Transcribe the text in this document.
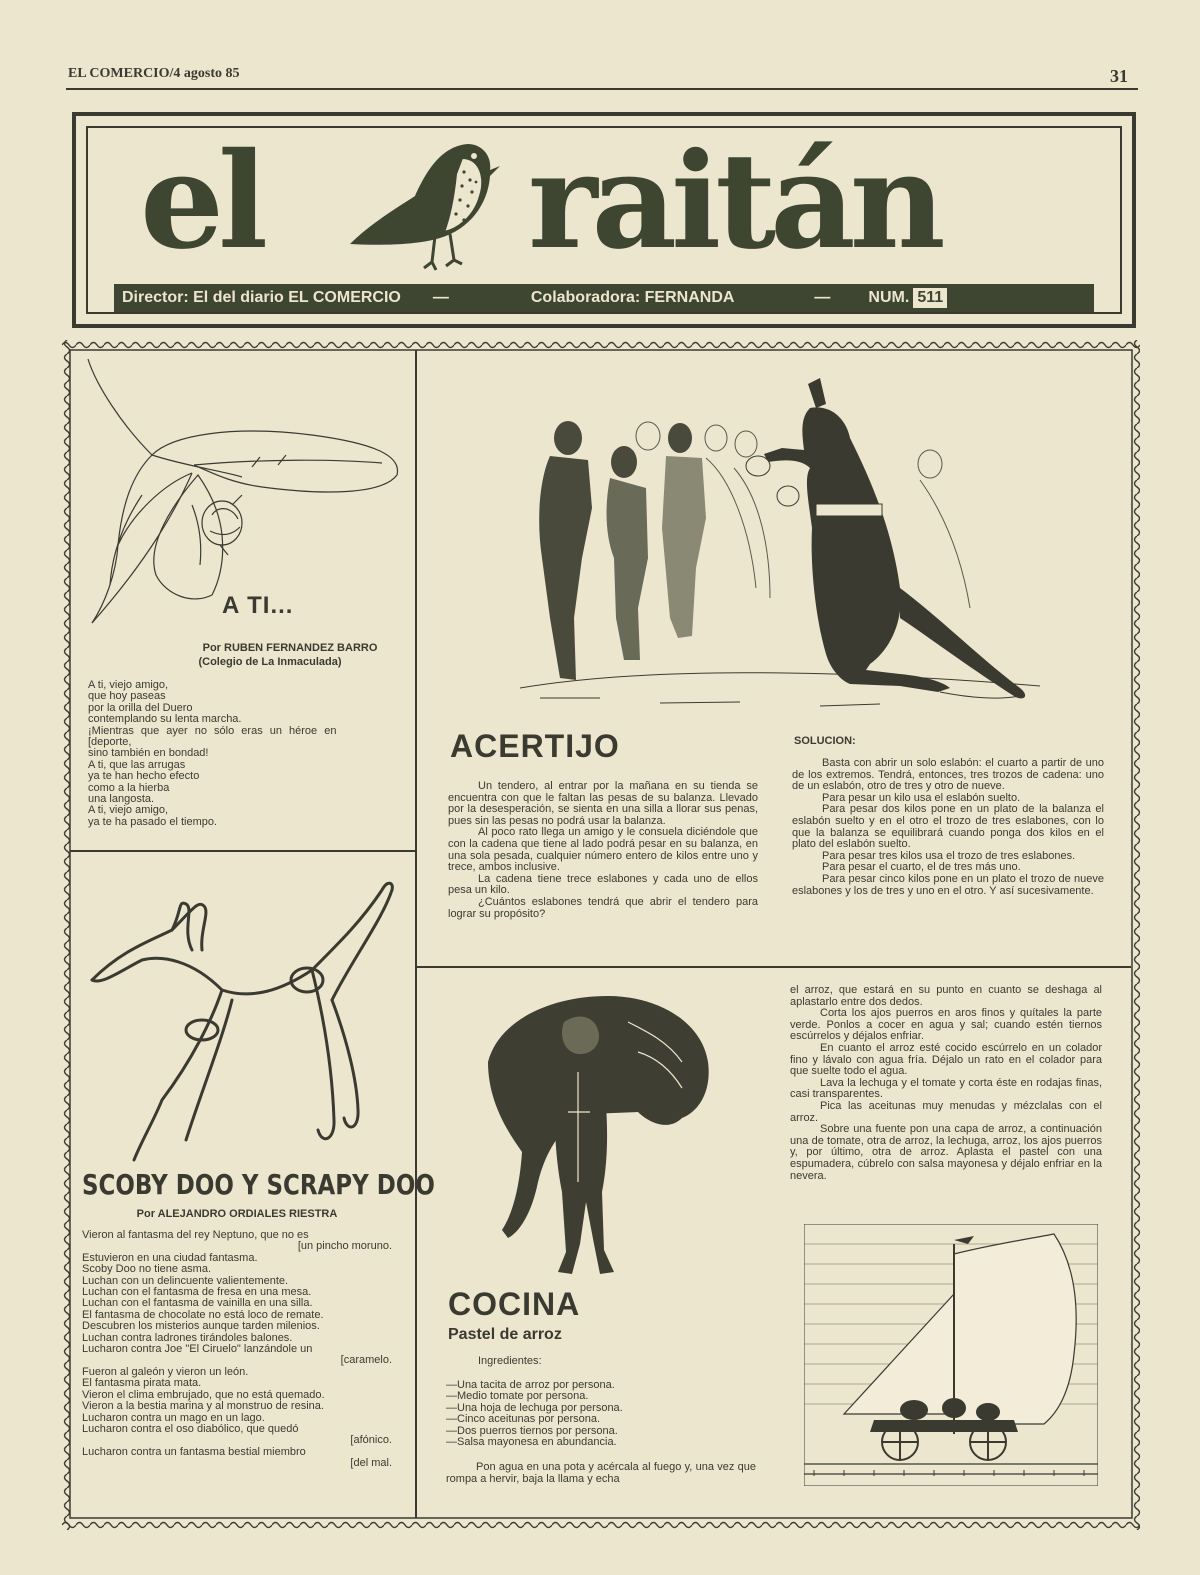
EL COMERCIO/4 agosto 85	31
el raitán
Director: El del diario EL COMERCIO —	Colaboradora: FERNANDA	— NUM. 511
A TI...
Por RUBEN FERNANDEZ BARRO
(Colegio de La Inmaculada)
A ti, viejo amigo,
que hoy paseas
por la orilla del Duero
contemplando su lenta marcha.
¡Mientras que ayer no sólo eras un héroe en
[deporte,
sino también en bondad!
A ti, que las arrugas
ya te han hecho efecto
como a la hierba
una langosta.
A ti, viejo amigo,
ya te ha pasado el tiempo.
SCOBY DOO Y SCRAPY DOO
Por ALEJANDRO ORDIALES RIESTRA
Vieron al fantasma del rey Neptuno, que no es
[un pincho moruno.
Estuvieron en una ciudad fantasma.
Scoby Doo no tiene asma.
Luchan con un delincuente valientemente.
Luchan con el fantasma de fresa en una mesa.
Luchan con el fantasma de vainilla en una silla.
El fantasma de chocolate no está loco de remate.
Descubren los misterios aunque tarden milenios.
Luchan contra ladrones tirándoles balones.
Lucharon contra Joe "El Ciruelo" lanzándole un
[caramelo.
Fueron al galeón y vieron un león.
El fantasma pirata mata.
Vieron el clima embrujado, que no está quemado.
Vieron a la bestia marina y al monstruo de resina.
Lucharon contra un mago en un lago.
Lucharon contra el oso diabólico, que quedó
[afónico.
Lucharon contra un fantasma bestial miembro
[del mal.
ACERTIJO

Un tendero, al entrar por la mañana en su tienda se encuentra con que le faltan las pesas de su balanza. Llevado por la desesperación, se sienta en una silla a llorar sus penas, pues sin las pesas no podrá usar la balanza.

Al poco rato llega un amigo y le consuela diciéndole que con la cadena que tiene al lado podrá pesar en su balanza, en una sola pesada, cualquier número entero de kilos entre uno y trece, ambos inclusive.

La cadena tiene trece eslabones y cada uno de ellos pesa un kilo.

¿Cuántos eslabones tendrá que abrir el tendero para lograr su propósito?

SOLUCION:

Basta con abrir un solo eslabón: el cuarto a partir de uno de los extremos. Tendrá, entonces, tres trozos de cadena: uno de un eslabón, otro de tres y otro de nueve.

Para pesar un kilo usa el eslabón suelto.

Para pesar dos kilos pone en un plato de la balanza el eslabón suelto y en el otro el trozo de tres eslabones, con lo que la balanza se equilibrará cuando ponga dos kilos en el plato del eslabón suelto.

Para pesar tres kilos usa el trozo de tres eslabones.

Para pesar el cuarto, el de tres más uno.

Para pesar cinco kilos pone en un plato el trozo de nueve eslabones y los de tres y uno en el otro. Y así sucesivamente.

COCINA
Pastel de arroz
Ingredientes:
—Una tacita de arroz por persona.
—Medio tomate por persona.
—Una hoja de lechuga por persona.
—Cinco aceitunas por persona.
—Dos puerros tiernos por persona.
—Salsa mayonesa en abundancia.

Pon agua en una pota y acércala al fuego y, una vez que rompa a hervir, baja la llama y echa

el arroz, que estará en su punto en cuanto se deshaga al aplastarlo entre dos dedos.

Corta los ajos puerros en aros finos y quítales la parte verde. Ponlos a cocer en agua y sal; cuando estén tiernos escúrrelos y déjalos enfriar.

En cuanto el arroz esté cocido escúrrelo en un colador fino y lávalo con agua fría. Déjalo un rato en el colador para que suelte todo el agua.

Lava la lechuga y el tomate y corta éste en rodajas finas, casi transparentes.

Pica las aceitunas muy menudas y mézclalas con el arroz.

Sobre una fuente pon una capa de arroz, a continuación una de tomate, otra de arroz, la lechuga, arroz, los ajos puerros y, por último, otra de arroz. Aplasta el pastel con una espumadera, cúbrelo con salsa mayonesa y déjalo enfriar en la nevera.
